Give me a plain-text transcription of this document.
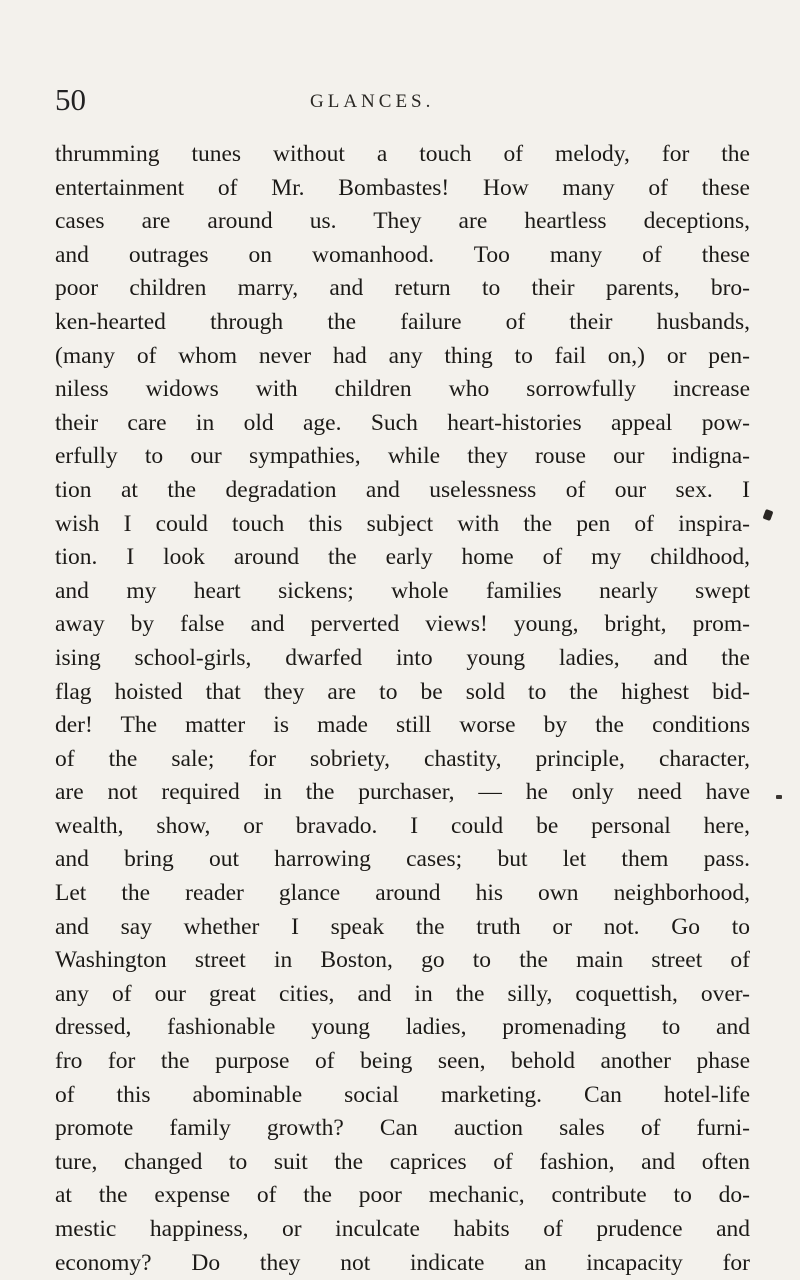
50	GLANCES.
thrumming tunes without a touch of melody, for the
entertainment of Mr. Bombastes! How many of these
cases are around us. They are heartless deceptions,
and outrages on womanhood. Too many of these
poor children marry, and return to their parents, bro-
ken-hearted through the failure of their husbands,
(many of whom never had any thing to fail on,) or pen-
niless widows with children who sorrowfully increase
their care in old age. Such heart-histories appeal pow-
erfully to our sympathies, while they rouse our indigna-
tion at the degradation and uselessness of our sex. I
wish I could touch this subject with the pen of inspira-
tion. I look around the early home of my childhood,
and my heart sickens; whole families nearly swept
away by false and perverted views! young, bright, prom-
ising school-girls, dwarfed into young ladies, and the
flag hoisted that they are to be sold to the highest bid-
der! The matter is made still worse by the conditions
of the sale; for sobriety, chastity, principle, character,
are not required in the purchaser, — he only need have
wealth, show, or bravado. I could be personal here,
and bring out harrowing cases; but let them pass.
Let the reader glance around his own neighborhood,
and say whether I speak the truth or not. Go to
Washington street in Boston, go to the main street of
any of our great cities, and in the silly, coquettish, over-
dressed, fashionable young ladies, promenading to and
fro for the purpose of being seen, behold another phase
of this abominable social marketing. Can hotel-life
promote family growth? Can auction sales of furni-
ture, changed to suit the caprices of fashion, and often
at the expense of the poor mechanic, contribute to do-
mestic happiness, or inculcate habits of prudence and
economy? Do they not indicate an incapacity for
